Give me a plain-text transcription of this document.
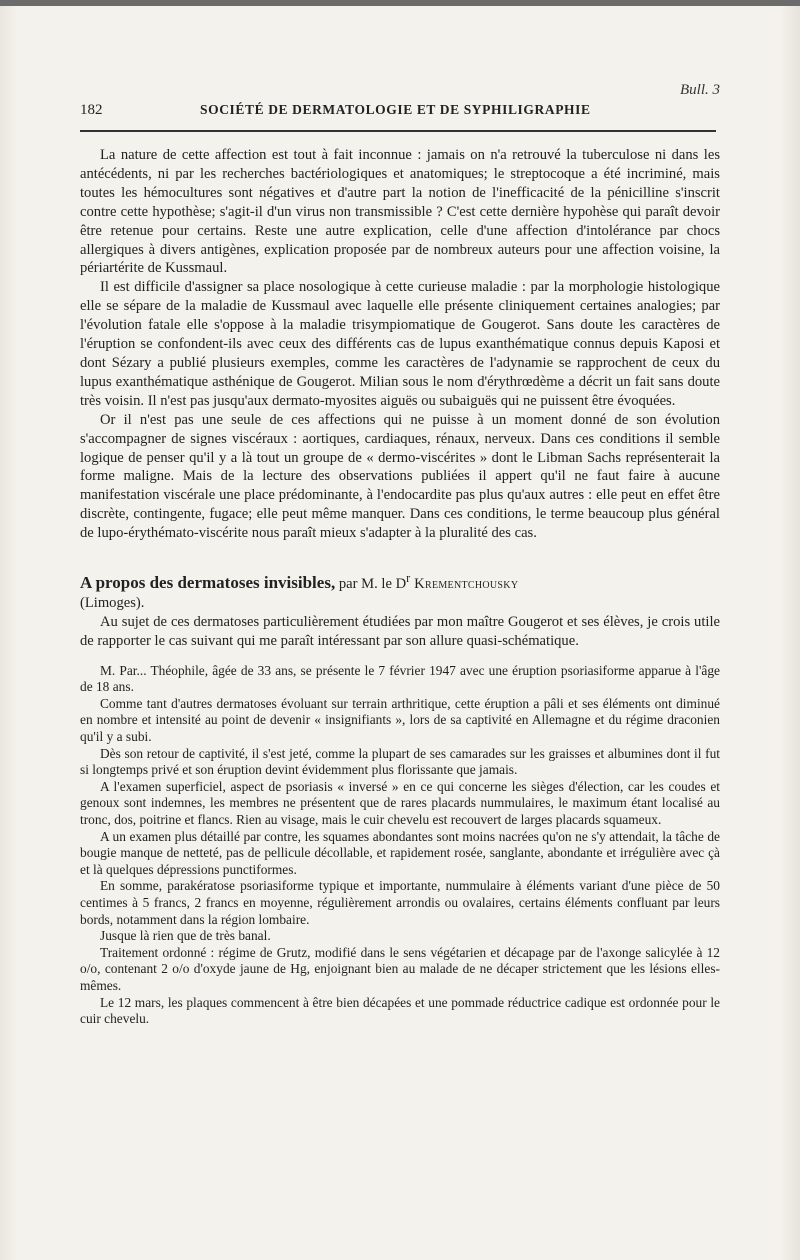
Bull. 3
182	SOCIÉTÉ DE DERMATOLOGIE ET DE SYPHILIGRAPHIE

La nature de cette affection est tout à fait inconnue : jamais on n'a retrouvé la tuberculose ni dans les antécédents, ni par les recherches bactériologiques et anatomiques; le streptocoque a été incriminé, mais toutes les hémocultures sont négatives et d'autre part la notion de l'inefficacité de la pénicilline s'inscrit contre cette hypothèse; s'agit-il d'un virus non transmissible ? C'est cette dernière hypohèse qui paraît devoir être retenue pour certains. Reste une autre explication, celle d'une affection d'intolérance par chocs allergiques à divers antigènes, explication proposée par de nombreux auteurs pour une affection voisine, la périartérite de Kussmaul.

Il est difficile d'assigner sa place nosologique à cette curieuse maladie : par la morphologie histologique elle se sépare de la maladie de Kussmaul avec laquelle elle présente cliniquement certaines analogies; par l'évolution fatale elle s'oppose à la maladie trisympiomatique de Gougerot. Sans doute les caractères de l'éruption se confondent-ils avec ceux des différents cas de lupus exanthématique connus depuis Kaposi et dont Sézary a publié plusieurs exemples, comme les caractères de l'adynamie se rapprochent de ceux du lupus exanthématique asthénique de Gougerot. Milian sous le nom d'érythrœdème a décrit un fait sans doute très voisin. Il n'est pas jusqu'aux dermato-myosites aiguës ou subaiguës qui ne puissent être évoquées.

Or il n'est pas une seule de ces affections qui ne puisse à un moment donné de son évolution s'accompagner de signes viscéraux : aortiques, cardiaques, rénaux, nerveux. Dans ces conditions il semble logique de penser qu'il y a là tout un groupe de « dermo-viscérites » dont le Libman Sachs représenterait la forme maligne. Mais de la lecture des observations publiées il appert qu'il ne faut faire à aucune manifestation viscérale une place prédominante, à l'endocardite pas plus qu'aux autres : elle peut en effet être discrète, contingente, fugace; elle peut même manquer. Dans ces conditions, le terme beaucoup plus général de lupo-érythémato-viscérite nous paraît mieux s'adapter à la pluralité des cas.

A propos des dermatoses invisibles, par M. le $D^r$ Krementchousky
(Limoges).

Au sujet de ces dermatoses particulièrement étudiées par mon maître Gougerot et ses élèves, je crois utile de rapporter le cas suivant qui me paraît intéressant par son allure quasi-schématique.

M. Par... Théophile, âgée de 33 ans, se présente le 7 février 1947 avec une éruption psoriasiforme apparue à l'âge de 18 ans.

Comme tant d'autres dermatoses évoluant sur terrain arthritique, cette éruption a pâli et ses éléments ont diminué en nombre et intensité au point de devenir « insignifiants », lors de sa captivité en Allemagne et du régime draconien qu'il y a subi.

Dès son retour de captivité, il s'est jeté, comme la plupart de ses camarades sur les graisses et albumines dont il fut si longtemps privé et son éruption devint évidemment plus florissante que jamais.

A l'examen superficiel, aspect de psoriasis « inversé » en ce qui concerne les sièges d'élection, car les coudes et genoux sont indemnes, les membres ne présentent que de rares placards nummulaires, le maximum étant localisé au tronc, dos, poitrine et flancs. Rien au visage, mais le cuir chevelu est recouvert de larges placards squameux.

A un examen plus détaillé par contre, les squames abondantes sont moins nacrées qu'on ne s'y attendait, la tâche de bougie manque de netteté, pas de pellicule décollable, et rapidement rosée, sanglante, abondante et irrégulière avec çà et là quelques dépressions punctiformes.

En somme, parakératose psoriasiforme typique et importante, nummulaire à éléments variant d'une pièce de 50 centimes à 5 francs, 2 francs en moyenne, régulièrement arrondis ou ovalaires, certains éléments confluant par leurs bords, notamment dans la région lombaire.

Jusque là rien que de très banal.

Traitement ordonné : régime de Grutz, modifié dans le sens végétarien et décapage par de l'axonge salicylée à 12 o/o, contenant 2 o/o d'oxyde jaune de Hg, enjoignant bien au malade de ne décaper strictement que les lésions elles-mêmes.

Le 12 mars, les plaques commencent à être bien décapées et une pommade réductrice cadique est ordonnée pour le cuir chevelu.
